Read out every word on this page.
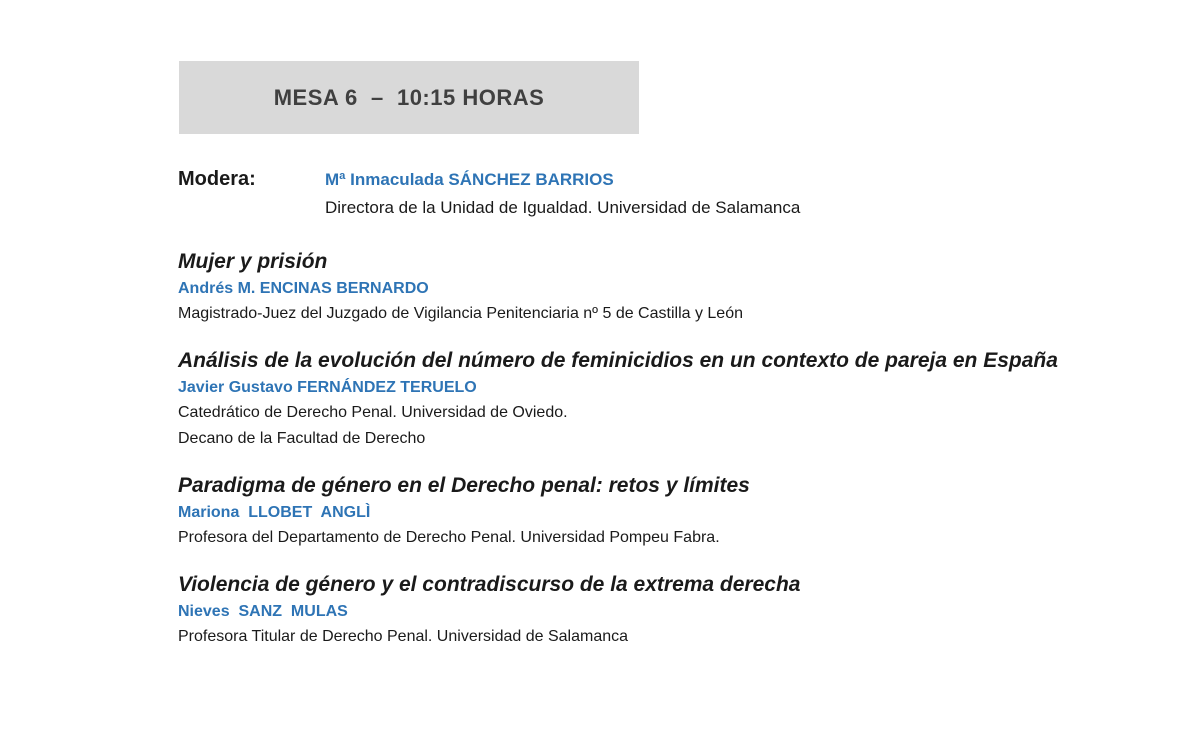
MESA 6  –  10:15 HORAS
Modera:	Mª Inmaculada SÁNCHEZ BARRIOS
Directora de la Unidad de Igualdad. Universidad de Salamanca
Mujer y prisión
Andrés M. ENCINAS BERNARDO
Magistrado-Juez del Juzgado de Vigilancia Penitenciaria nº 5 de Castilla y León
Análisis de la evolución del número de feminicidios en un contexto de pareja en España
Javier Gustavo FERNÁNDEZ TERUELO
Catedrático de Derecho Penal. Universidad de Oviedo.
Decano de la Facultad de Derecho
Paradigma de género en el Derecho penal: retos y límites
Mariona  LLOBET  ANGLÌ
Profesora del Departamento de Derecho Penal. Universidad Pompeu Fabra.
Violencia de género y el contradiscurso de la extrema derecha
Nieves  SANZ  MULAS
Profesora Titular de Derecho Penal. Universidad de Salamanca
